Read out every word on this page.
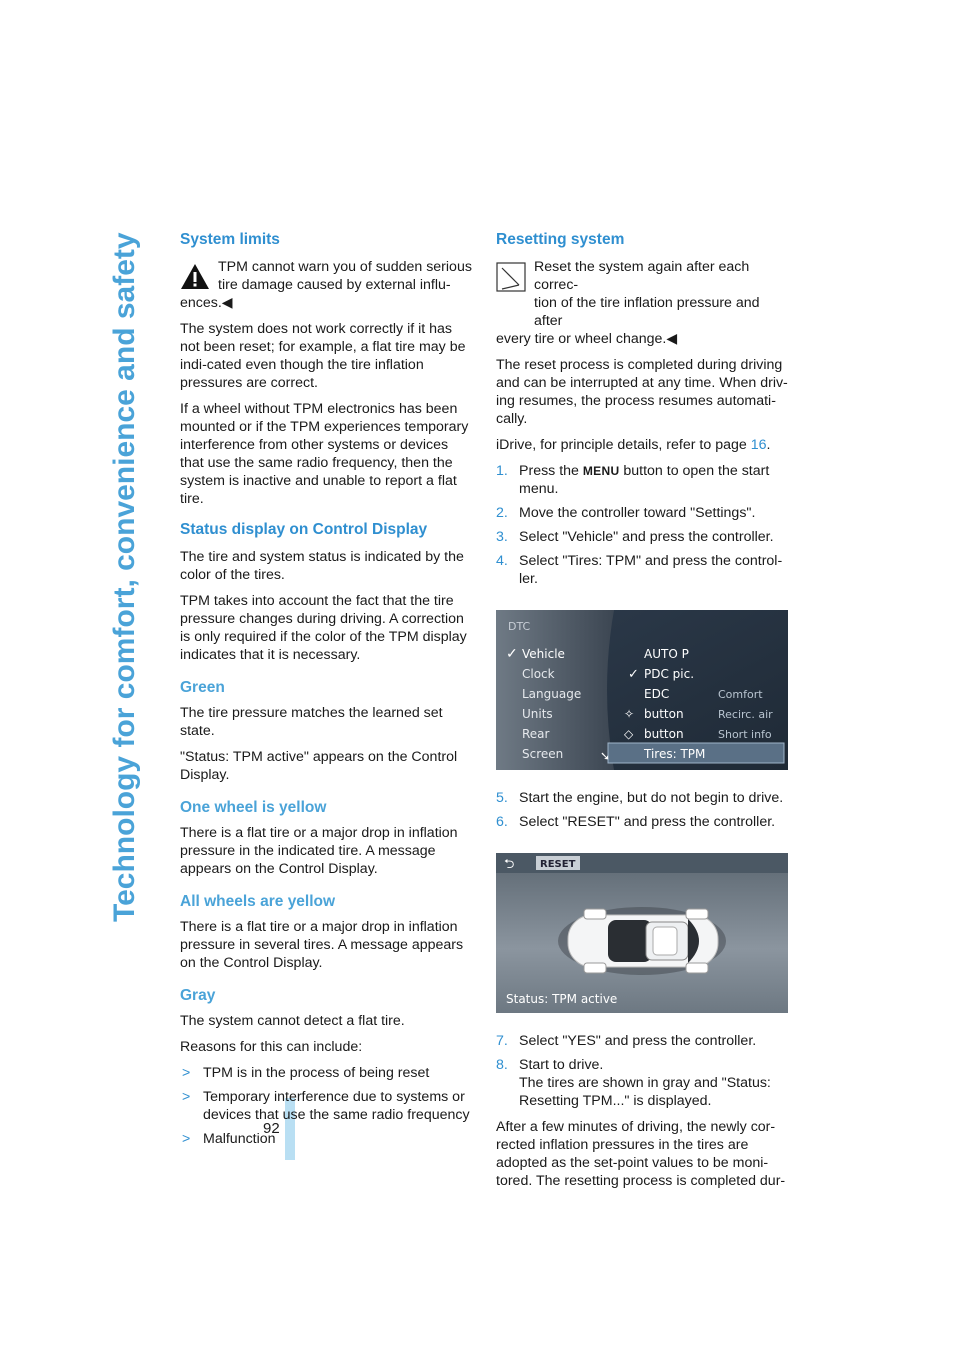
Technology for comfort, convenience and safety
92
System limits
TPM cannot warn you of sudden serious
tire damage caused by external influ-
ences.◀

The system does not work correctly if it has not been reset; for example, a flat tire may be indi-cated even though the tire inflation pressures are correct.

If a wheel without TPM electronics has been mounted or if the TPM experiences temporary interference from other systems or devices that use the same radio frequency, then the system is inactive and unable to report a flat tire.

Status display on Control Display

The tire and system status is indicated by the color of the tires.

TPM takes into account the fact that the tire pressure changes during driving. A correction is only required if the color of the TPM display indicates that it is necessary.

Green

The tire pressure matches the learned set state.

"Status: TPM active" appears on the Control Display.

One wheel is yellow

There is a flat tire or a major drop in inflation pressure in the indicated tire. A message appears on the Control Display.

All wheels are yellow

There is a flat tire or a major drop in inflation pressure in several tires. A message appears on the Control Display.

Gray

The system cannot detect a flat tire.

Reasons for this can include:

> TPM is in the process of being reset
> Temporary interference due to systems or devices that use the same radio frequency
> Malfunction
Resetting system
Reset the system again after each correc-
tion of the tire inflation pressure and after
every tire or wheel change.◀

The reset process is completed during driving and can be interrupted at any time. When driv-ing resumes, the process resumes automati-cally.

iDrive, for principle details, refer to page 16.

1. Press the MENU button to open the start menu.
2. Move the controller toward "Settings".
3. Select "Vehicle" and press the controller.
4. Select "Tires: TPM" and press the control-ler.
DTC
✓ Vehicle
Clock
Language
Units
Rear
Screen
AUTO P
✓ PDC pic.
EDC
✧ button
◇ button
Tires: TPM
➘
Comfort
Recirc. air
Short info
5. Start the engine, but do not begin to drive.
6. Select "RESET" and press the controller.
⮌	RESET
Status: TPM active
7. Select "YES" and press the controller.
8. Start to drive.
The tires are shown in gray and "Status: Resetting TPM..." is displayed.

After a few minutes of driving, the newly cor-rected inflation pressures in the tires are adopted as the set-point values to be moni-tored. The resetting process is completed dur-
